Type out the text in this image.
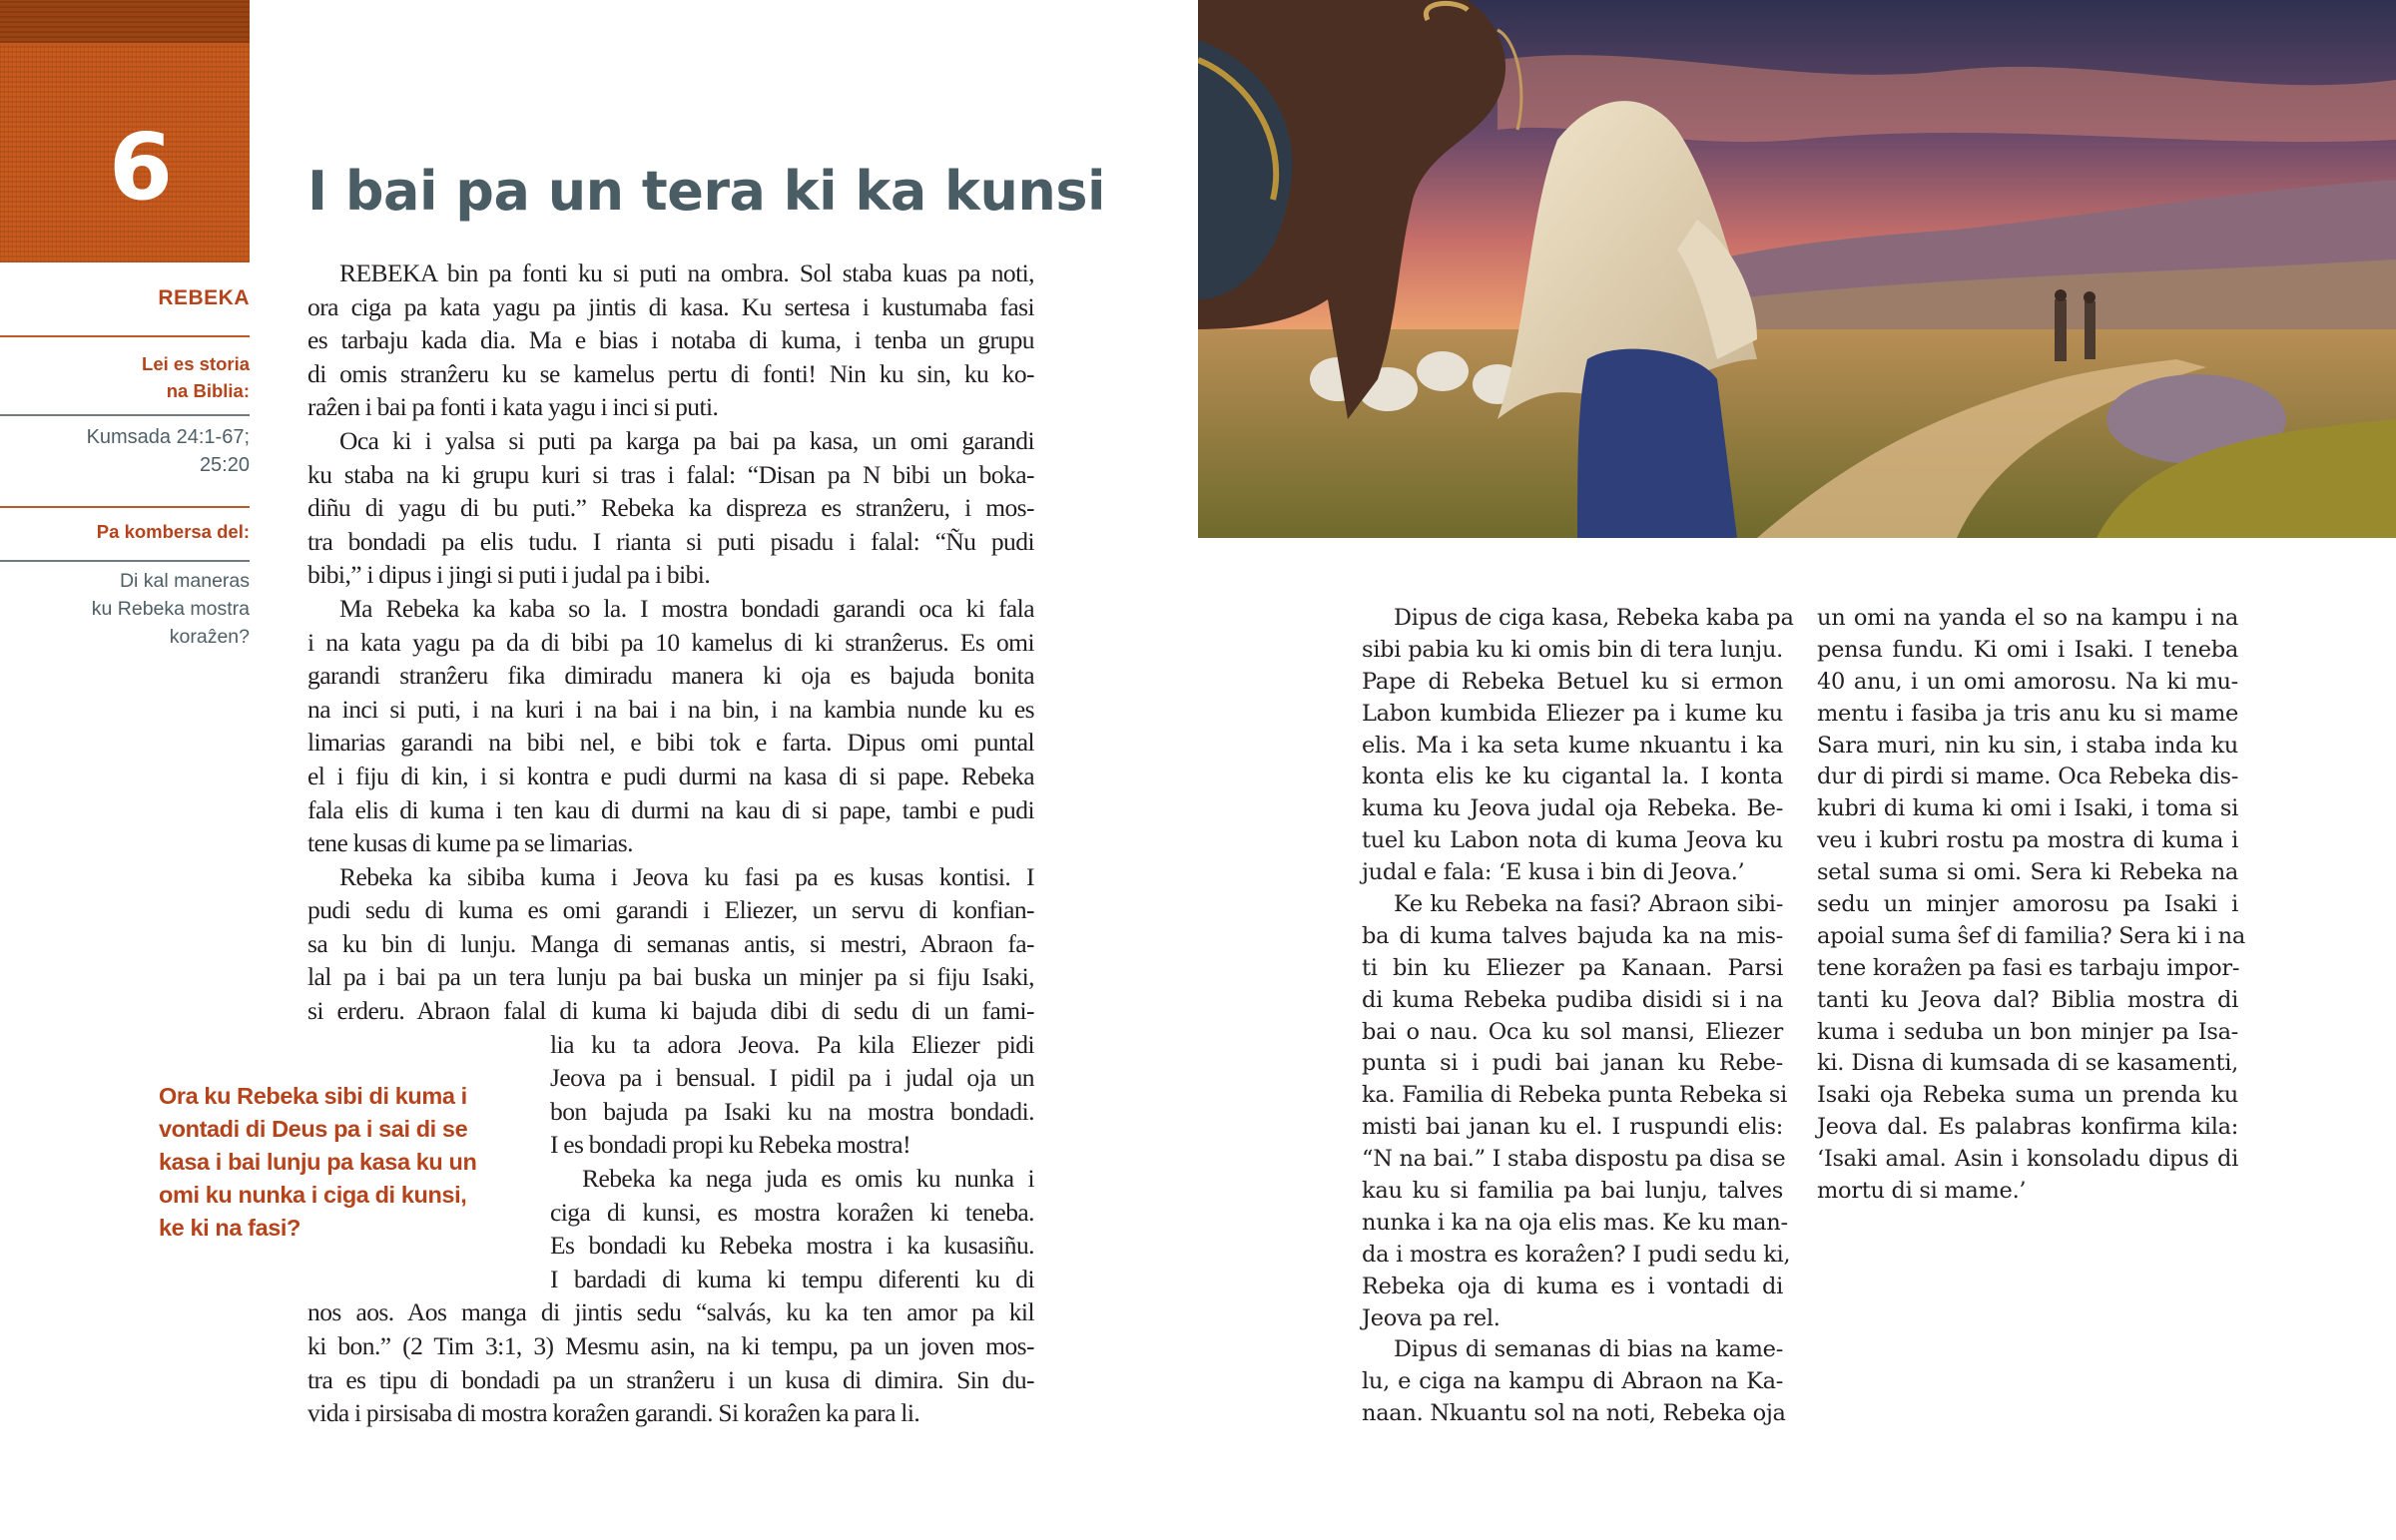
6	I bai pa un tera ki ka kunsi
REBEKA
Lei es storia
na Biblia:
Kumsada 24:1-67;
25:20
Pa kombersa del:
Di kal maneras
ku Rebeka mostra
koraẑen?
REBEKA bin pa fonti ku si puti na ombra. Sol staba kuas pa noti,
ora ciga pa kata yagu pa jintis di kasa. Ku sertesa i kustumaba fasi
es tarbaju kada dia. Ma e bias i notaba di kuma, i tenba un grupu
di omis stranẑeru ku se kamelus pertu di fonti! Nin ku sin, ku ko-
raẑen i bai pa fonti i kata yagu i inci si puti.
Oca ki i yalsa si puti pa karga pa bai pa kasa, un omi garandi
ku staba na ki grupu kuri si tras i falal: “Disan pa N bibi un boka-
diñu di yagu di bu puti.” Rebeka ka dispreza es stranẑeru, i mos-
tra bondadi pa elis tudu. I rianta si puti pisadu i falal: “Ñu pudi
bibi,” i dipus i jingi si puti i judal pa i bibi.
Ma Rebeka ka kaba so la. I mostra bondadi garandi oca ki fala
i na kata yagu pa da di bibi pa 10 kamelus di ki stranẑerus. Es omi
garandi stranẑeru fika dimiradu manera ki oja es bajuda bonita
na inci si puti, i na kuri i na bai i na bin, i na kambia nunde ku es
limarias garandi na bibi nel, e bibi tok e farta. Dipus omi puntal
el i fiju di kin, i si kontra e pudi durmi na kasa di si pape. Rebeka
fala elis di kuma i ten kau di durmi na kau di si pape, tambi e pudi
tene kusas di kume pa se limarias.
Rebeka ka sibiba kuma i Jeova ku fasi pa es kusas kontisi. I
pudi sedu di kuma es omi garandi i Eliezer, un servu di konfian-
sa ku bin di lunju. Manga di semanas antis, si mestri, Abraon fa-
lal pa i bai pa un tera lunju pa bai buska un minjer pa si fiju Isaki,
si erderu. Abraon falal di kuma ki bajuda dibi di sedu di un fami-
lia ku ta adora Jeova. Pa kila Eliezer pidi
Jeova pa i bensual. I pidil pa i judal oja un
bon bajuda pa Isaki ku na mostra bondadi.
I es bondadi propi ku Rebeka mostra!
Rebeka ka nega juda es omis ku nunka i
ciga di kunsi, es mostra koraẑen ki teneba.
Es bondadi ku Rebeka mostra i ka kusasiñu.
I bardadi di kuma ki tempu diferenti ku di
nos aos. Aos manga di jintis sedu “salvás, ku ka ten amor pa kil
ki bon.” (2 Tim 3:1, 3) Mesmu asin, na ki tempu, pa un joven mos-
tra es tipu di bondadi pa un stranẑeru i un kusa di dimira. Sin du-
vida i pirsisaba di mostra koraẑen garandi. Si koraẑen ka para li.
Dipus de ciga kasa, Rebeka kaba pa
sibi pabia ku ki omis bin di tera lunju.
Pape di Rebeka Betuel ku si ermon
Labon kumbida Eliezer pa i kume ku
elis. Ma i ka seta kume nkuantu i ka
konta elis ke ku cigantal la. I konta
kuma ku Jeova judal oja Rebeka. Be-
tuel ku Labon nota di kuma Jeova ku
judal e fala: ‘E kusa i bin di Jeova.’
Ke ku Rebeka na fasi? Abraon sibi-
ba di kuma talves bajuda ka na mis-
ti bin ku Eliezer pa Kanaan. Parsi
di kuma Rebeka pudiba disidi si i na
bai o nau. Oca ku sol mansi, Eliezer
punta si i pudi bai janan ku Rebe-
ka. Familia di Rebeka punta Rebeka si
misti bai janan ku el. I ruspundi elis:
“N na bai.” I staba dispostu pa disa se
kau ku si familia pa bai lunju, talves
nunka i ka na oja elis mas. Ke ku man-
da i mostra es koraẑen? I pudi sedu ki,
Rebeka oja di kuma es i vontadi di
Jeova pa rel.
Dipus di semanas di bias na kame-
lu, e ciga na kampu di Abraon na Ka-
naan. Nkuantu sol na noti, Rebeka oja
un omi na yanda el so na kampu i na
pensa fundu. Ki omi i Isaki. I teneba
40 anu, i un omi amorosu. Na ki mu-
mentu i fasiba ja tris anu ku si mame
Sara muri, nin ku sin, i staba inda ku
dur di pirdi si mame. Oca Rebeka dis-
kubri di kuma ki omi i Isaki, i toma si
veu i kubri rostu pa mostra di kuma i
setal suma si omi. Sera ki Rebeka na
sedu un minjer amorosu pa Isaki i
apoial suma ŝef di familia? Sera ki i na
tene koraẑen pa fasi es tarbaju impor-
tanti ku Jeova dal? Biblia mostra di
kuma i seduba un bon minjer pa Isa-
ki. Disna di kumsada di se kasamenti,
Isaki oja Rebeka suma un prenda ku
Jeova dal. Es palabras konfirma kila:
‘Isaki amal. Asin i konsoladu dipus di
mortu di si mame.’
Ora ku Rebeka sibi di kuma i
vontadi di Deus pa i sai di se
kasa i bai lunju pa kasa ku un
omi ku nunka i ciga di kunsi,
ke ki na fasi?
